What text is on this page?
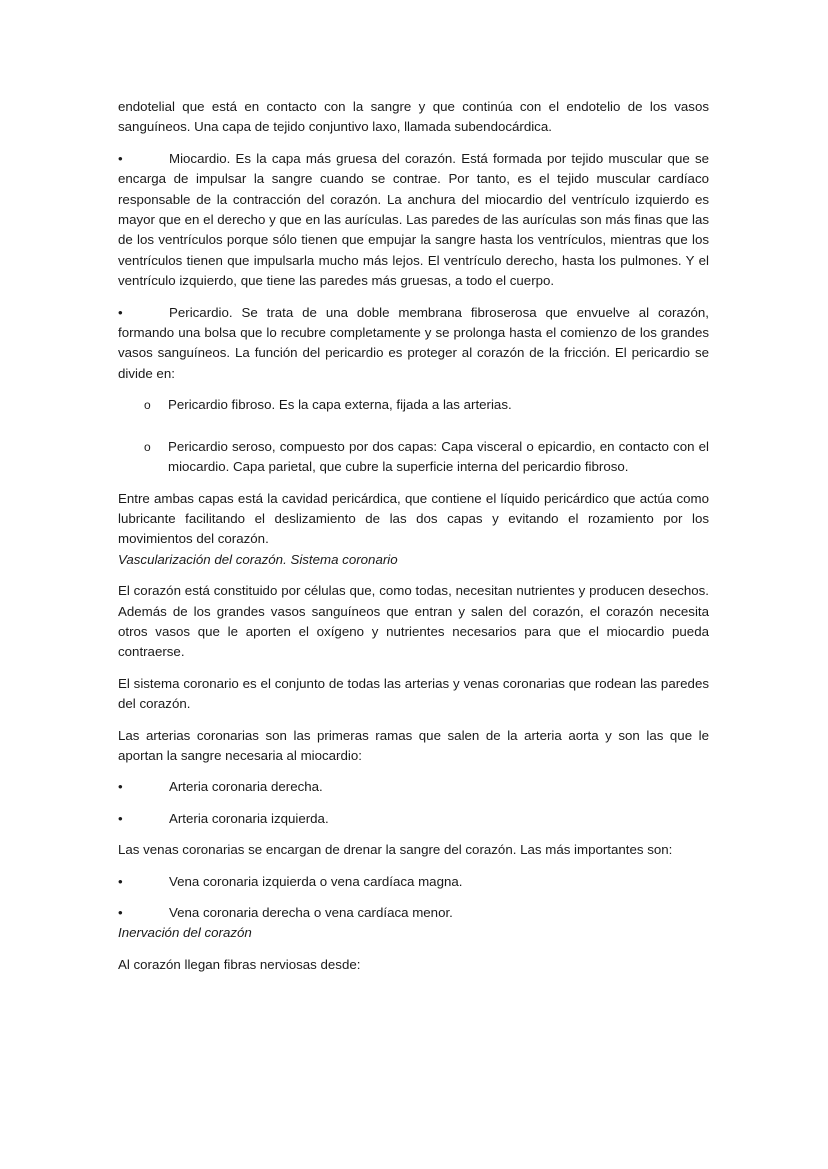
endotelial que está en contacto con la sangre y que continúa con el endotelio de los vasos sanguíneos. Una capa de tejido conjuntivo laxo, llamada subendocárdica.

•	Miocardio. Es la capa más gruesa del corazón. Está formada por tejido muscular que se encarga de impulsar la sangre cuando se contrae. Por tanto, es el tejido muscular cardíaco responsable de la contracción del corazón. La anchura del miocardio del ventrículo izquierdo es mayor que en el derecho y que en las aurículas. Las paredes de las aurículas son más finas que las de los ventrículos porque sólo tienen que empujar la sangre hasta los ventrículos, mientras que los ventrículos tienen que impulsarla mucho más lejos. El ventrículo derecho, hasta los pulmones. Y el ventrículo izquierdo, que tiene las paredes más gruesas, a todo el cuerpo.
•	Pericardio. Se trata de una doble membrana fibroserosa que envuelve al corazón, formando una bolsa que lo recubre completamente y se prolonga hasta el comienzo de los grandes vasos sanguíneos. La función del pericardio es proteger al corazón de la fricción. El pericardio se divide en:
o Pericardio fibroso. Es la capa externa, fijada a las arterias.
o Pericardio seroso, compuesto por dos capas: Capa visceral o epicardio, en contacto con el miocardio. Capa parietal, que cubre la superficie interna del pericardio fibroso.

Entre ambas capas está la cavidad pericárdica, que contiene el líquido pericárdico que actúa como lubricante facilitando el deslizamiento de las dos capas y evitando el rozamiento por los movimientos del corazón.

Vascularización del corazón. Sistema coronario

El corazón está constituido por células que, como todas, necesitan nutrientes y producen desechos. Además de los grandes vasos sanguíneos que entran y salen del corazón, el corazón necesita otros vasos que le aporten el oxígeno y nutrientes necesarios para que el miocardio pueda contraerse.

El sistema coronario es el conjunto de todas las arterias y venas coronarias que rodean las paredes del corazón.

Las arterias coronarias son las primeras ramas que salen de la arteria aorta y son las que le aportan la sangre necesaria al miocardio:

•	Arteria coronaria derecha.
•	Arteria coronaria izquierda.

Las venas coronarias se encargan de drenar la sangre del corazón. Las más importantes son:

•	Vena coronaria izquierda o vena cardíaca magna.
•	Vena coronaria derecha o vena cardíaca menor.

Inervación del corazón

Al corazón llegan fibras nerviosas desde:
